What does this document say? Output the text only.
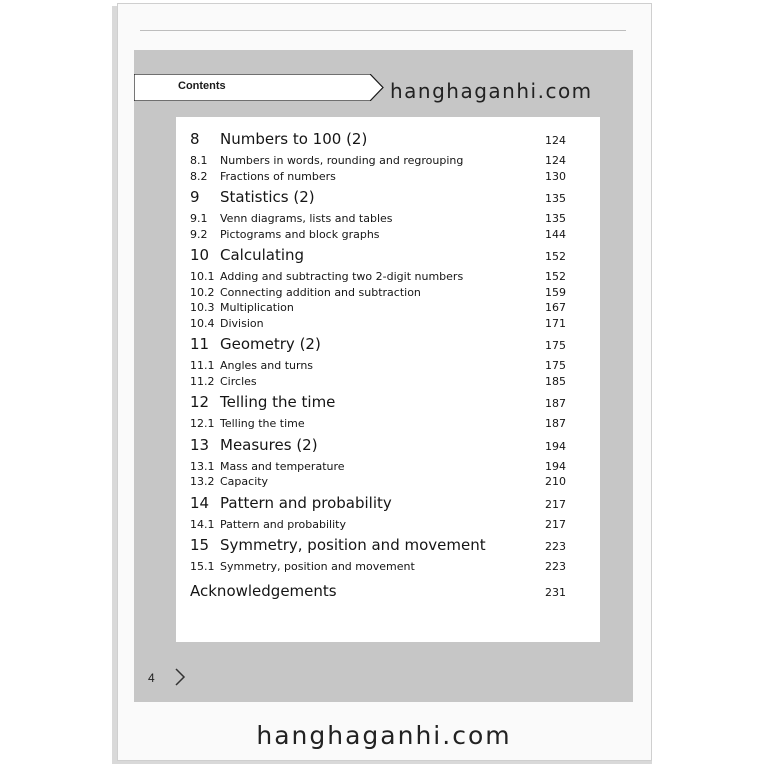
Contents	hanghaganhi.com
8	Numbers to 100 (2)	124
8.1	Numbers in words, rounding and regrouping	124
8.2	Fractions of numbers	130
9	Statistics (2)	135
9.1	Venn diagrams, lists and tables	135
9.2	Pictograms and block graphs	144
10 Calculating	152
10.1 Adding and subtracting two 2-digit numbers	152
10.2 Connecting addition and subtraction	159
10.3 Multiplication	167
10.4 Division	171
11 Geometry (2)	175
11.1 Angles and turns	175
11.2 Circles	185
12 Telling the time	187
12.1 Telling the time	187
13 Measures (2)	194
13.1 Mass and temperature	194
13.2 Capacity	210
14 Pattern and probability	217
14.1 Pattern and probability	217
15 Symmetry, position and movement	223
15.1 Symmetry, position and movement	223
Acknowledgements	231
4
hanghaganhi.com
